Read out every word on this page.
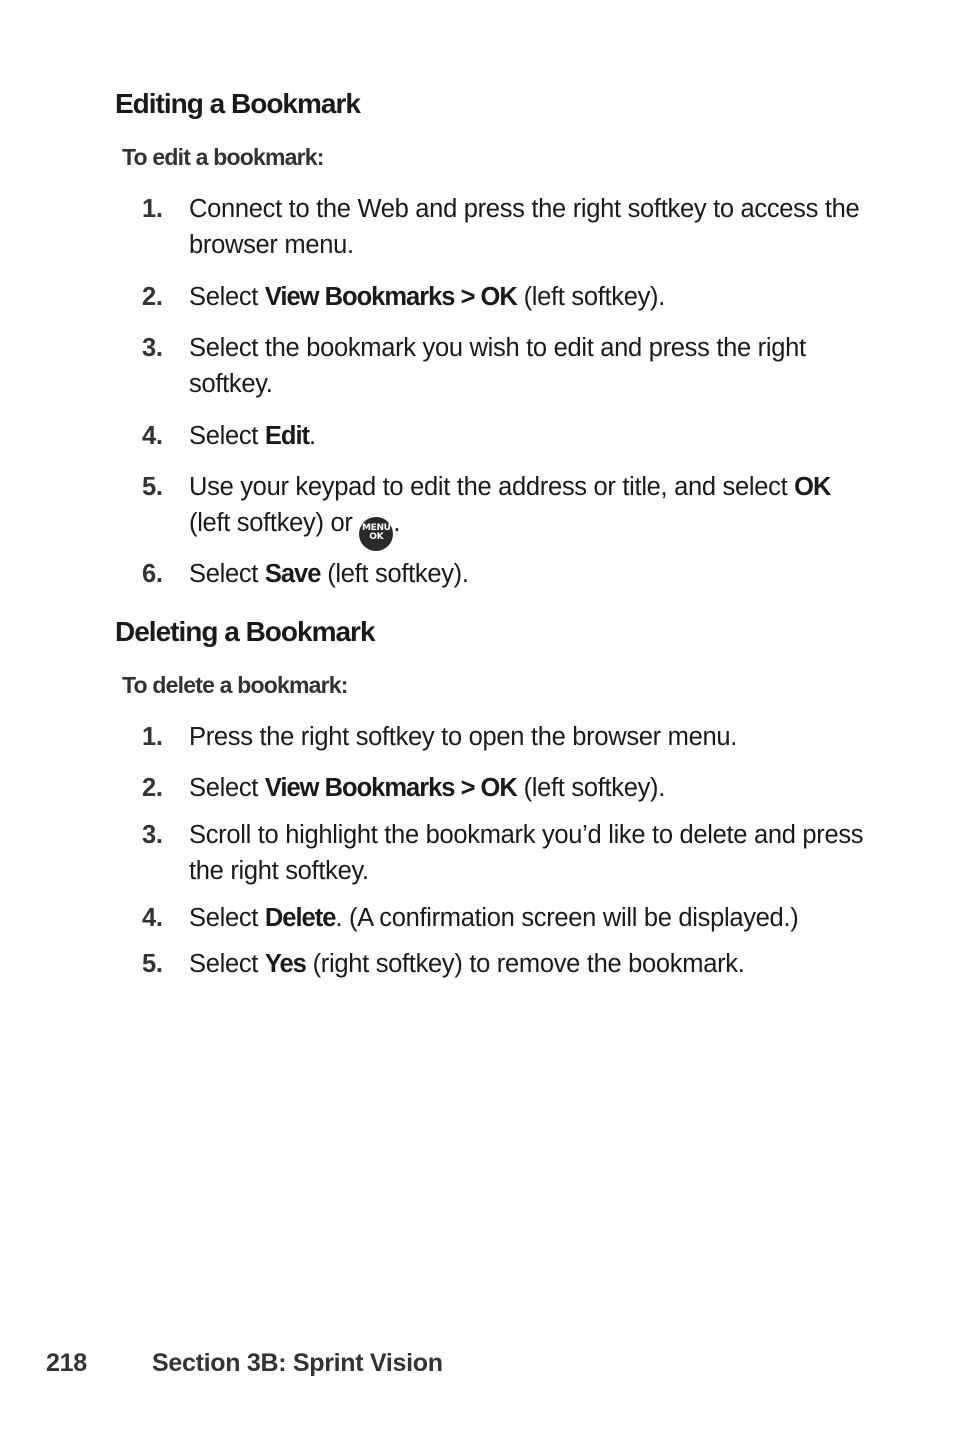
Editing a Bookmark
To edit a bookmark:
1.	Connect to the Web and press the right softkey to access the browser menu.
2.	Select View Bookmarks > OK (left softkey).
3.	Select the bookmark you wish to edit and press the right softkey.
4.	Select Edit.
5.	Use your keypad to edit the address or title, and select OK (left softkey) or MENU
OK .
6.	Select Save (left softkey).
Deleting a Bookmark
To delete a bookmark:
1.	Press the right softkey to open the browser menu.
2.	Select View Bookmarks > OK (left softkey).
3.	Scroll to highlight the bookmark you’d like to delete and press the right softkey.
4.	Select Delete. (A confirmation screen will be displayed.)
5.	Select Yes (right softkey) to remove the bookmark.
218	Section 3B: Sprint Vision
